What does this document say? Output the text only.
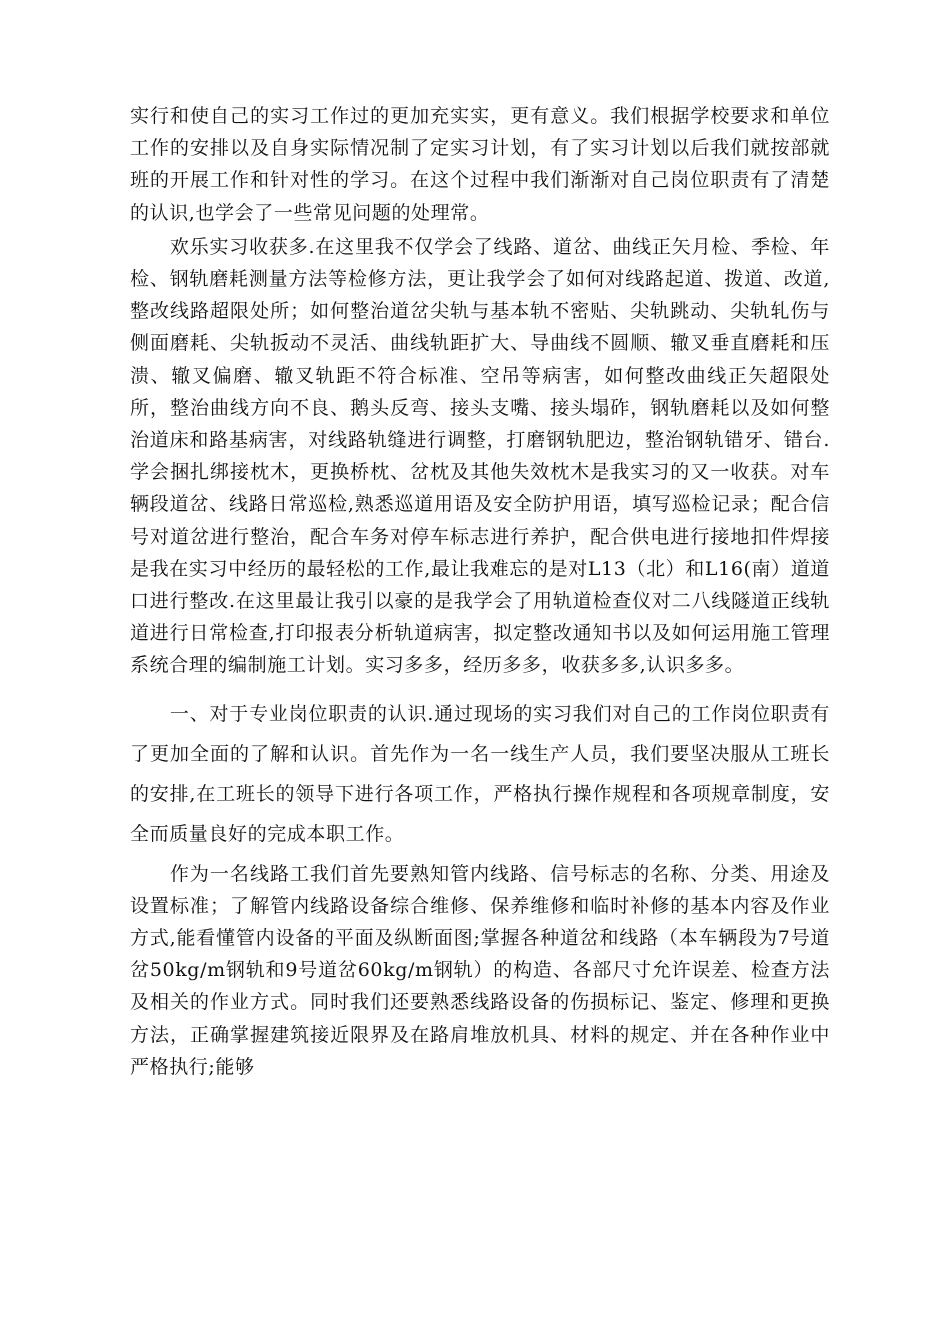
实行和使自己的实习工作过的更加充实实，更有意义。我们根据学校要求和单位工作的安排以及自身实际情况制了定实习计划，有了实习计划以后我们就按部就班的开展工作和针对性的学习。在这个过程中我们渐渐对自己岗位职责有了清楚的认识,也学会了一些常见问题的处理常。

欢乐实习收获多.在这里我不仅学会了线路、道岔、曲线正矢月检、季检、年检、钢轨磨耗测量方法等检修方法，更让我学会了如何对线路起道、拨道、改道,整改线路超限处所；如何整治道岔尖轨与基本轨不密贴、尖轨跳动、尖轨轧伤与侧面磨耗、尖轨扳动不灵活、曲线轨距扩大、导曲线不圆顺、辙叉垂直磨耗和压溃、辙叉偏磨、辙叉轨距不符合标准、空吊等病害，如何整改曲线正矢超限处所，整治曲线方向不良、鹅头反弯、接头支嘴、接头塌砟，钢轨磨耗以及如何整治道床和路基病害，对线路轨缝进行调整，打磨钢轨肥边，整治钢轨错牙、错台.学会捆扎绑接枕木，更换桥枕、岔枕及其他失效枕木是我实习的又一收获。对车辆段道岔、线路日常巡检,熟悉巡道用语及安全防护用语，填写巡检记录；配合信号对道岔进行整治，配合车务对停车标志进行养护，配合供电进行接地扣件焊接是我在实习中经历的最轻松的工作,最让我难忘的是对L13（北）和L16(南）道道口进行整改.在这里最让我引以豪的是我学会了用轨道检查仪对二八线隧道正线轨道进行日常检查,打印报表分析轨道病害，拟定整改通知书以及如何运用施工管理系统合理的编制施工计划。实习多多，经历多多，收获多多,认识多多。

一、对于专业岗位职责的认识.通过现场的实习我们对自己的工作岗位职责有了更加全面的了解和认识。首先作为一名一线生产人员，我们要坚决服从工班长的安排,在工班长的领导下进行各项工作，严格执行操作规程和各项规章制度，安全而质量良好的完成本职工作。

作为一名线路工我们首先要熟知管内线路、信号标志的名称、分类、用途及设置标准；了解管内线路设备综合维修、保养维修和临时补修的基本内容及作业方式,能看懂管内设备的平面及纵断面图;掌握各种道岔和线路（本车辆段为7号道岔50kg/m钢轨和9号道岔60kg/m钢轨）的构造、各部尺寸允许误差、检查方法及相关的作业方式。同时我们还要熟悉线路设备的伤损标记、鉴定、修理和更换方法，正确掌握建筑接近限界及在路肩堆放机具、材料的规定、并在各种作业中严格执行;能够
